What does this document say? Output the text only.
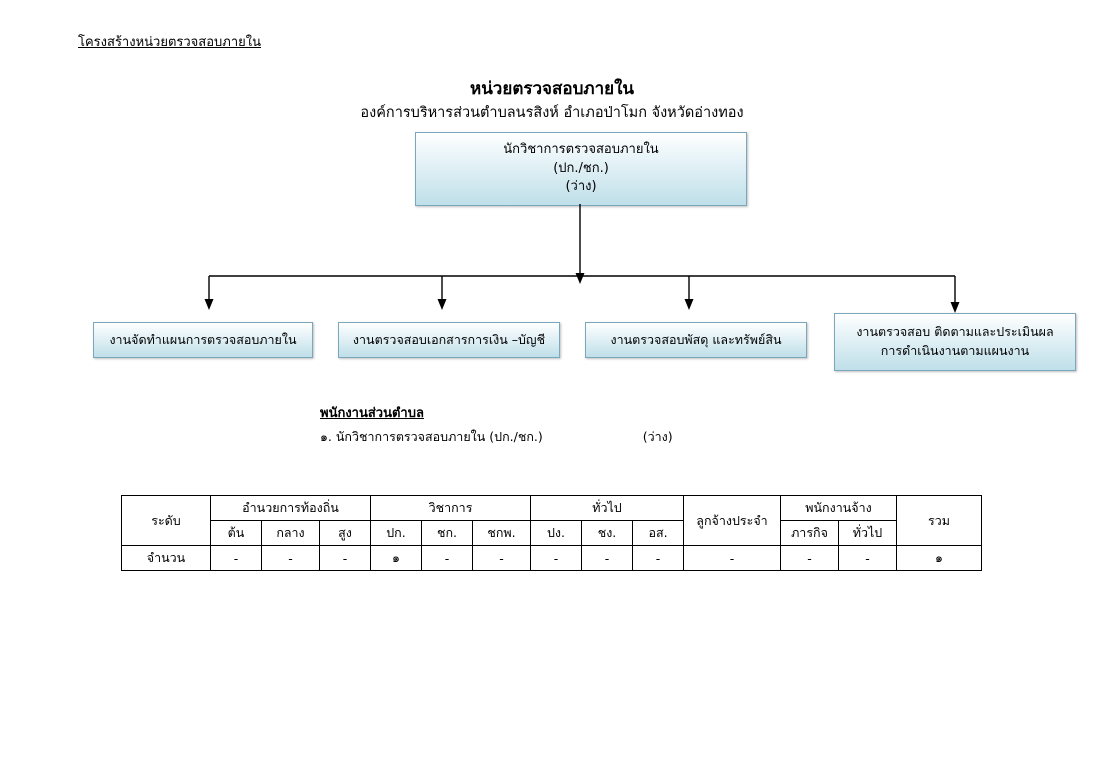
โครงสร้างหน่วยตรวจสอบภายใน
หน่วยตรวจสอบภายใน
องค์การบริหารส่วนตำบลนรสิงห์ อำเภอป่าโมก จังหวัดอ่างทอง
นักวิชาการตรวจสอบภายใน
(ปก./ชก.)
(ว่าง)
งานจัดทำแผนการตรวจสอบภายใน	งานตรวจสอบเอกสารการเงิน –บัญชี	งานตรวจสอบพัสดุ และทรัพย์สิน	งานตรวจสอบ ติดตามและประเมินผล
การดำเนินงานตามแผนงาน
พนักงานส่วนตำบล
๑. นักวิชาการตรวจสอบภายใน (ปก./ชก.)	(ว่าง)
ระดับ	อำนวยการท้องถิ่น			วิชาการ			ทั่วไป			ลูกจ้างประจำ	พนักงานจ้าง		รวม
	ต้น	กลาง	สูง	ปก.	ชก.	ชกพ.	ปง.	ชง.	อส.		ภารกิจ	ทั่วไป	
จำนวน	-	-	-	๑	-	-	-	-	-	-	-	-	๑
